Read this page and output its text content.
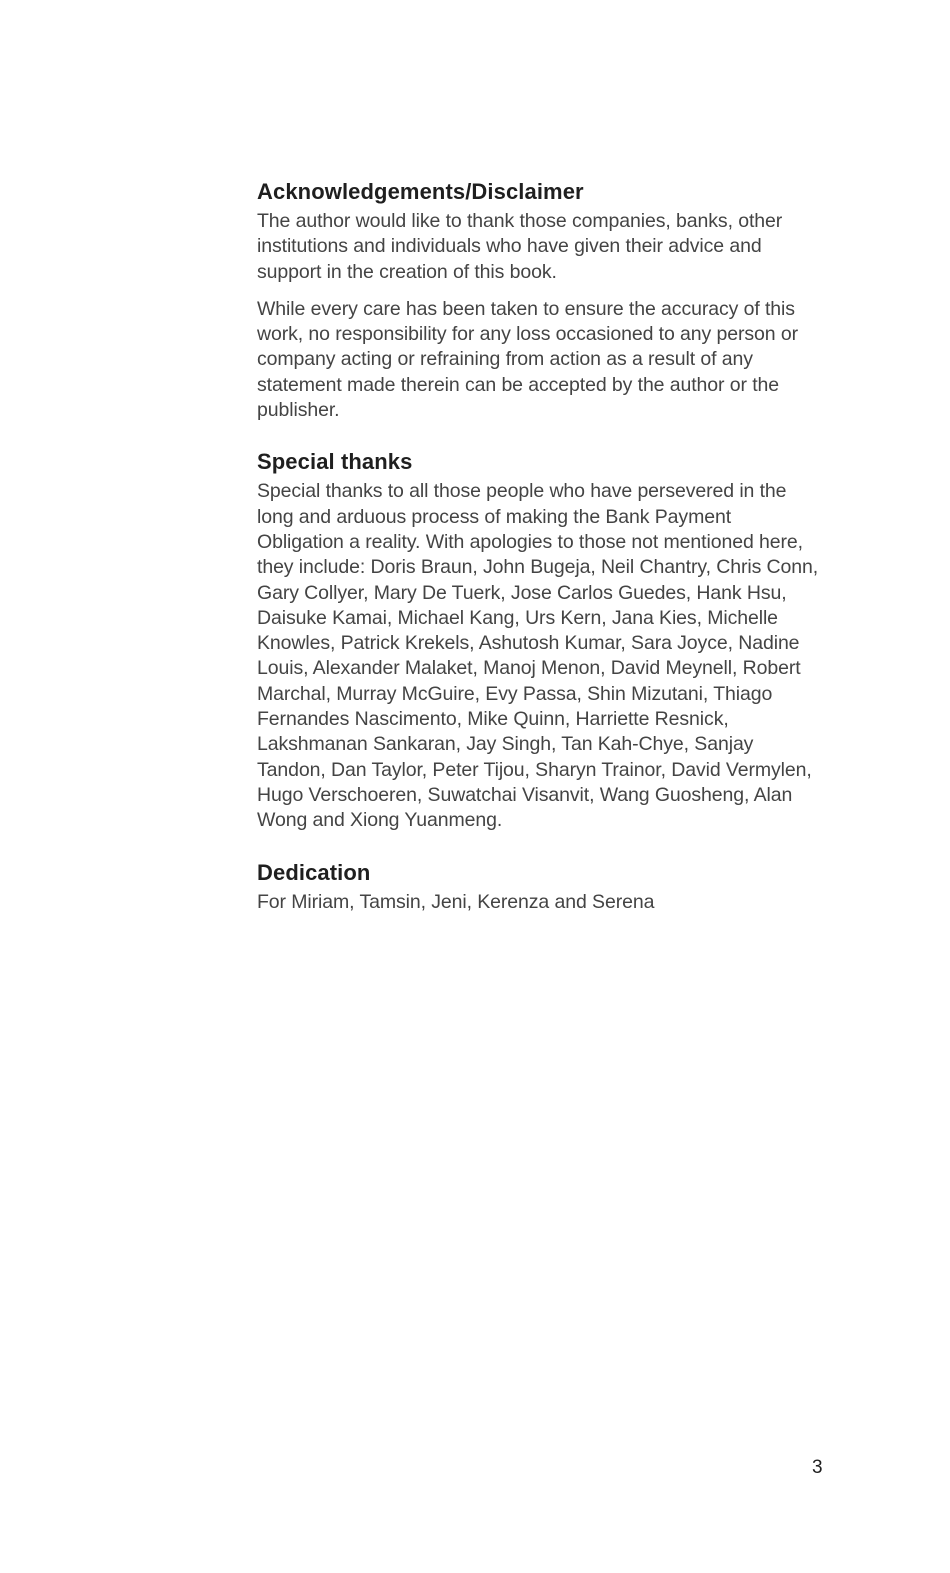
Acknowledgements/Disclaimer

The author would like to thank those companies, banks, other institutions and individuals who have given their advice and support in the creation of this book.

While every care has been taken to ensure the accuracy of this work, no responsibility for any loss occasioned to any person or company acting or refraining from action as a result of any statement made therein can be accepted by the author or the publisher.

Special thanks

Special thanks to all those people who have persevered in the long and arduous process of making the Bank Payment Obligation a reality. With apologies to those not mentioned here, they include: Doris Braun, John Bugeja, Neil Chantry, Chris Conn, Gary Collyer, Mary De Tuerk, Jose Carlos Guedes, Hank Hsu, Daisuke Kamai, Michael Kang, Urs Kern, Jana Kies, Michelle Knowles, Patrick Krekels, Ashutosh Kumar, Sara Joyce, Nadine Louis, Alexander Malaket, Manoj Menon, David Meynell, Robert Marchal, Murray McGuire, Evy Passa, Shin Mizutani, Thiago Fernandes Nascimento, Mike Quinn, Harriette Resnick, Lakshmanan Sankaran, Jay Singh, Tan Kah-Chye, Sanjay Tandon, Dan Taylor, Peter Tijou, Sharyn Trainor, David Vermylen, Hugo Verschoeren, Suwatchai Visanvit, Wang Guosheng, Alan Wong and Xiong Yuanmeng.

Dedication

For Miriam, Tamsin, Jeni, Kerenza and Serena

3
